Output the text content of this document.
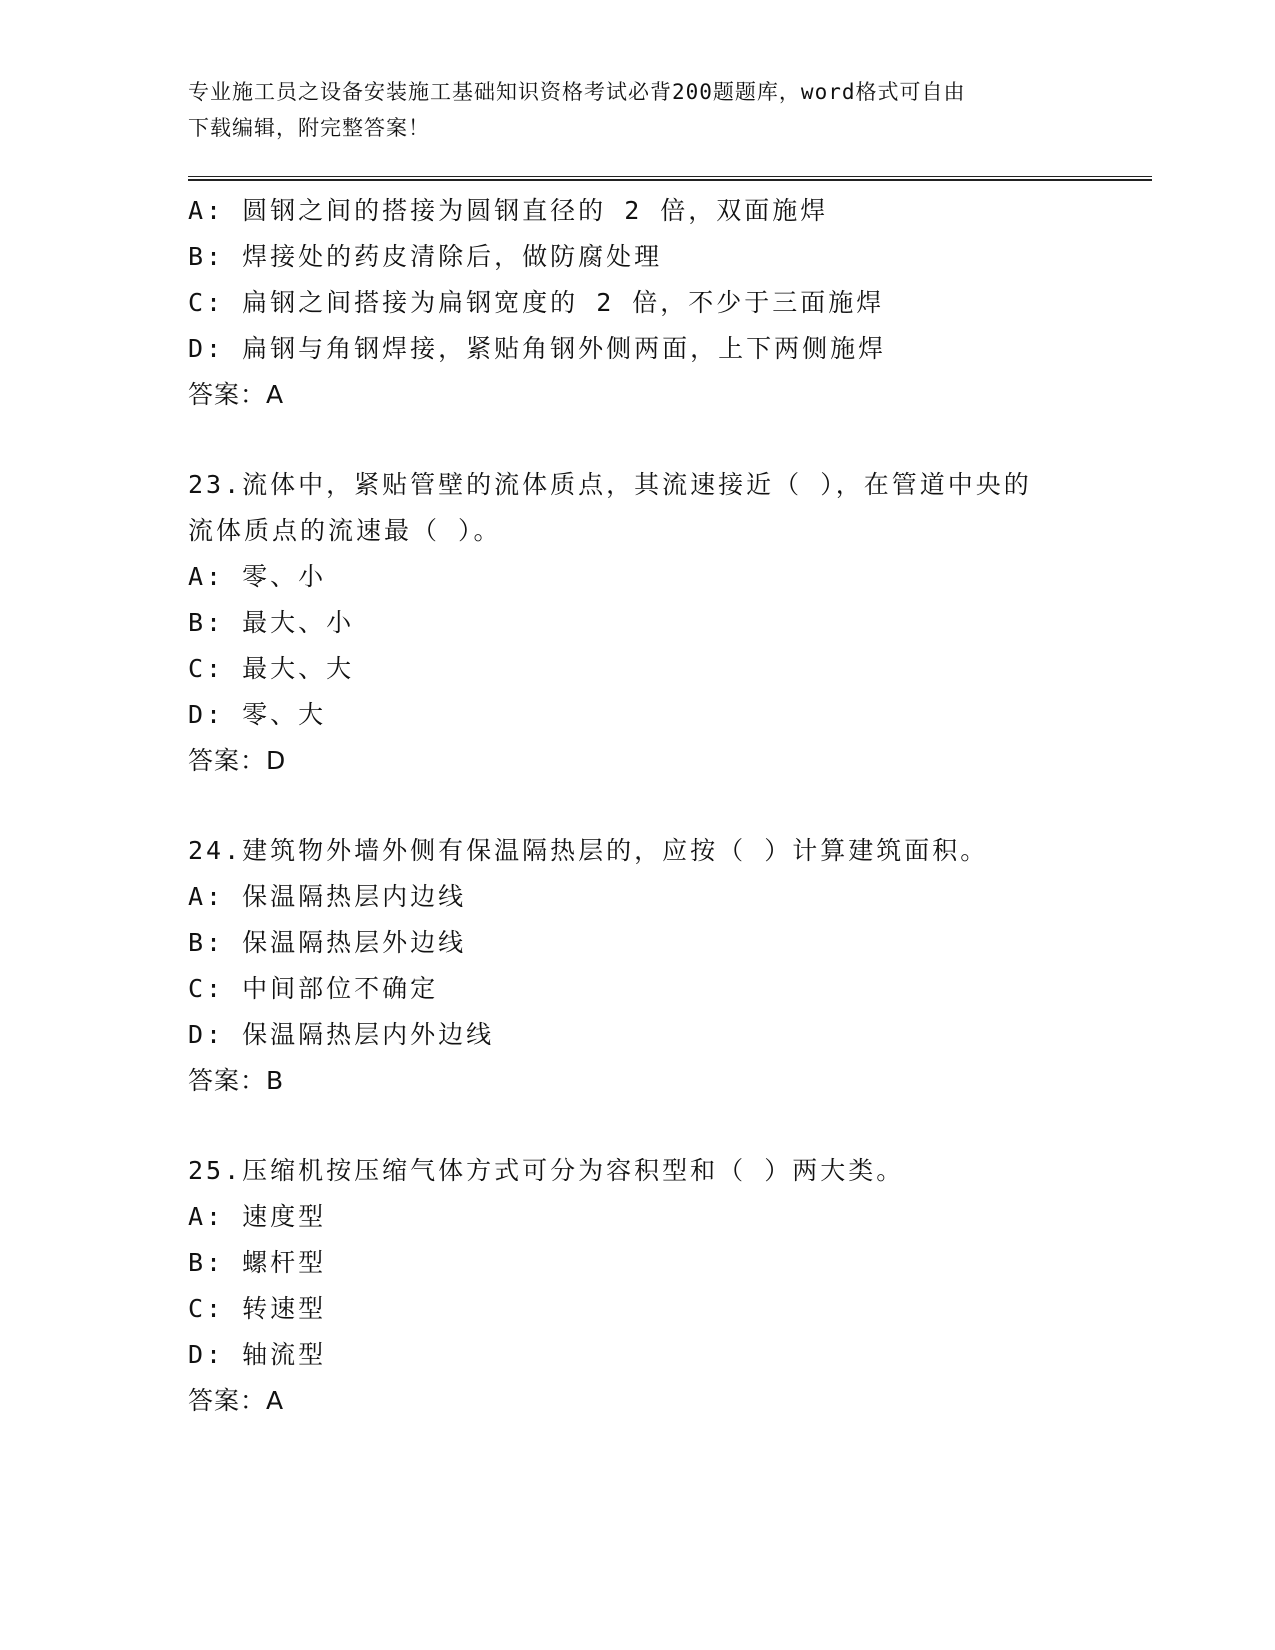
专业施工员之设备安装施工基础知识资格考试必背200题题库，word格式可自由
下载编辑，附完整答案！

A: 圆钢之间的搭接为圆钢直径的 2 倍，双面施焊

B: 焊接处的药皮清除后，做防腐处理

C: 扁钢之间搭接为扁钢宽度的 2 倍，不少于三面施焊

D: 扁钢与角钢焊接，紧贴角钢外侧两面，上下两侧施焊

答案：A

23.流体中，紧贴管壁的流体质点，其流速接近（ ），在管道中央的

流体质点的流速最（ ）。

A: 零、小

B: 最大、小

C: 最大、大

D: 零、大

答案：D

24.建筑物外墙外侧有保温隔热层的，应按（ ）计算建筑面积。

A: 保温隔热层内边线

B: 保温隔热层外边线

C: 中间部位不确定

D: 保温隔热层内外边线

答案：B

25.压缩机按压缩气体方式可分为容积型和（ ）两大类。

A: 速度型

B: 螺杆型

C: 转速型

D: 轴流型

答案：A
